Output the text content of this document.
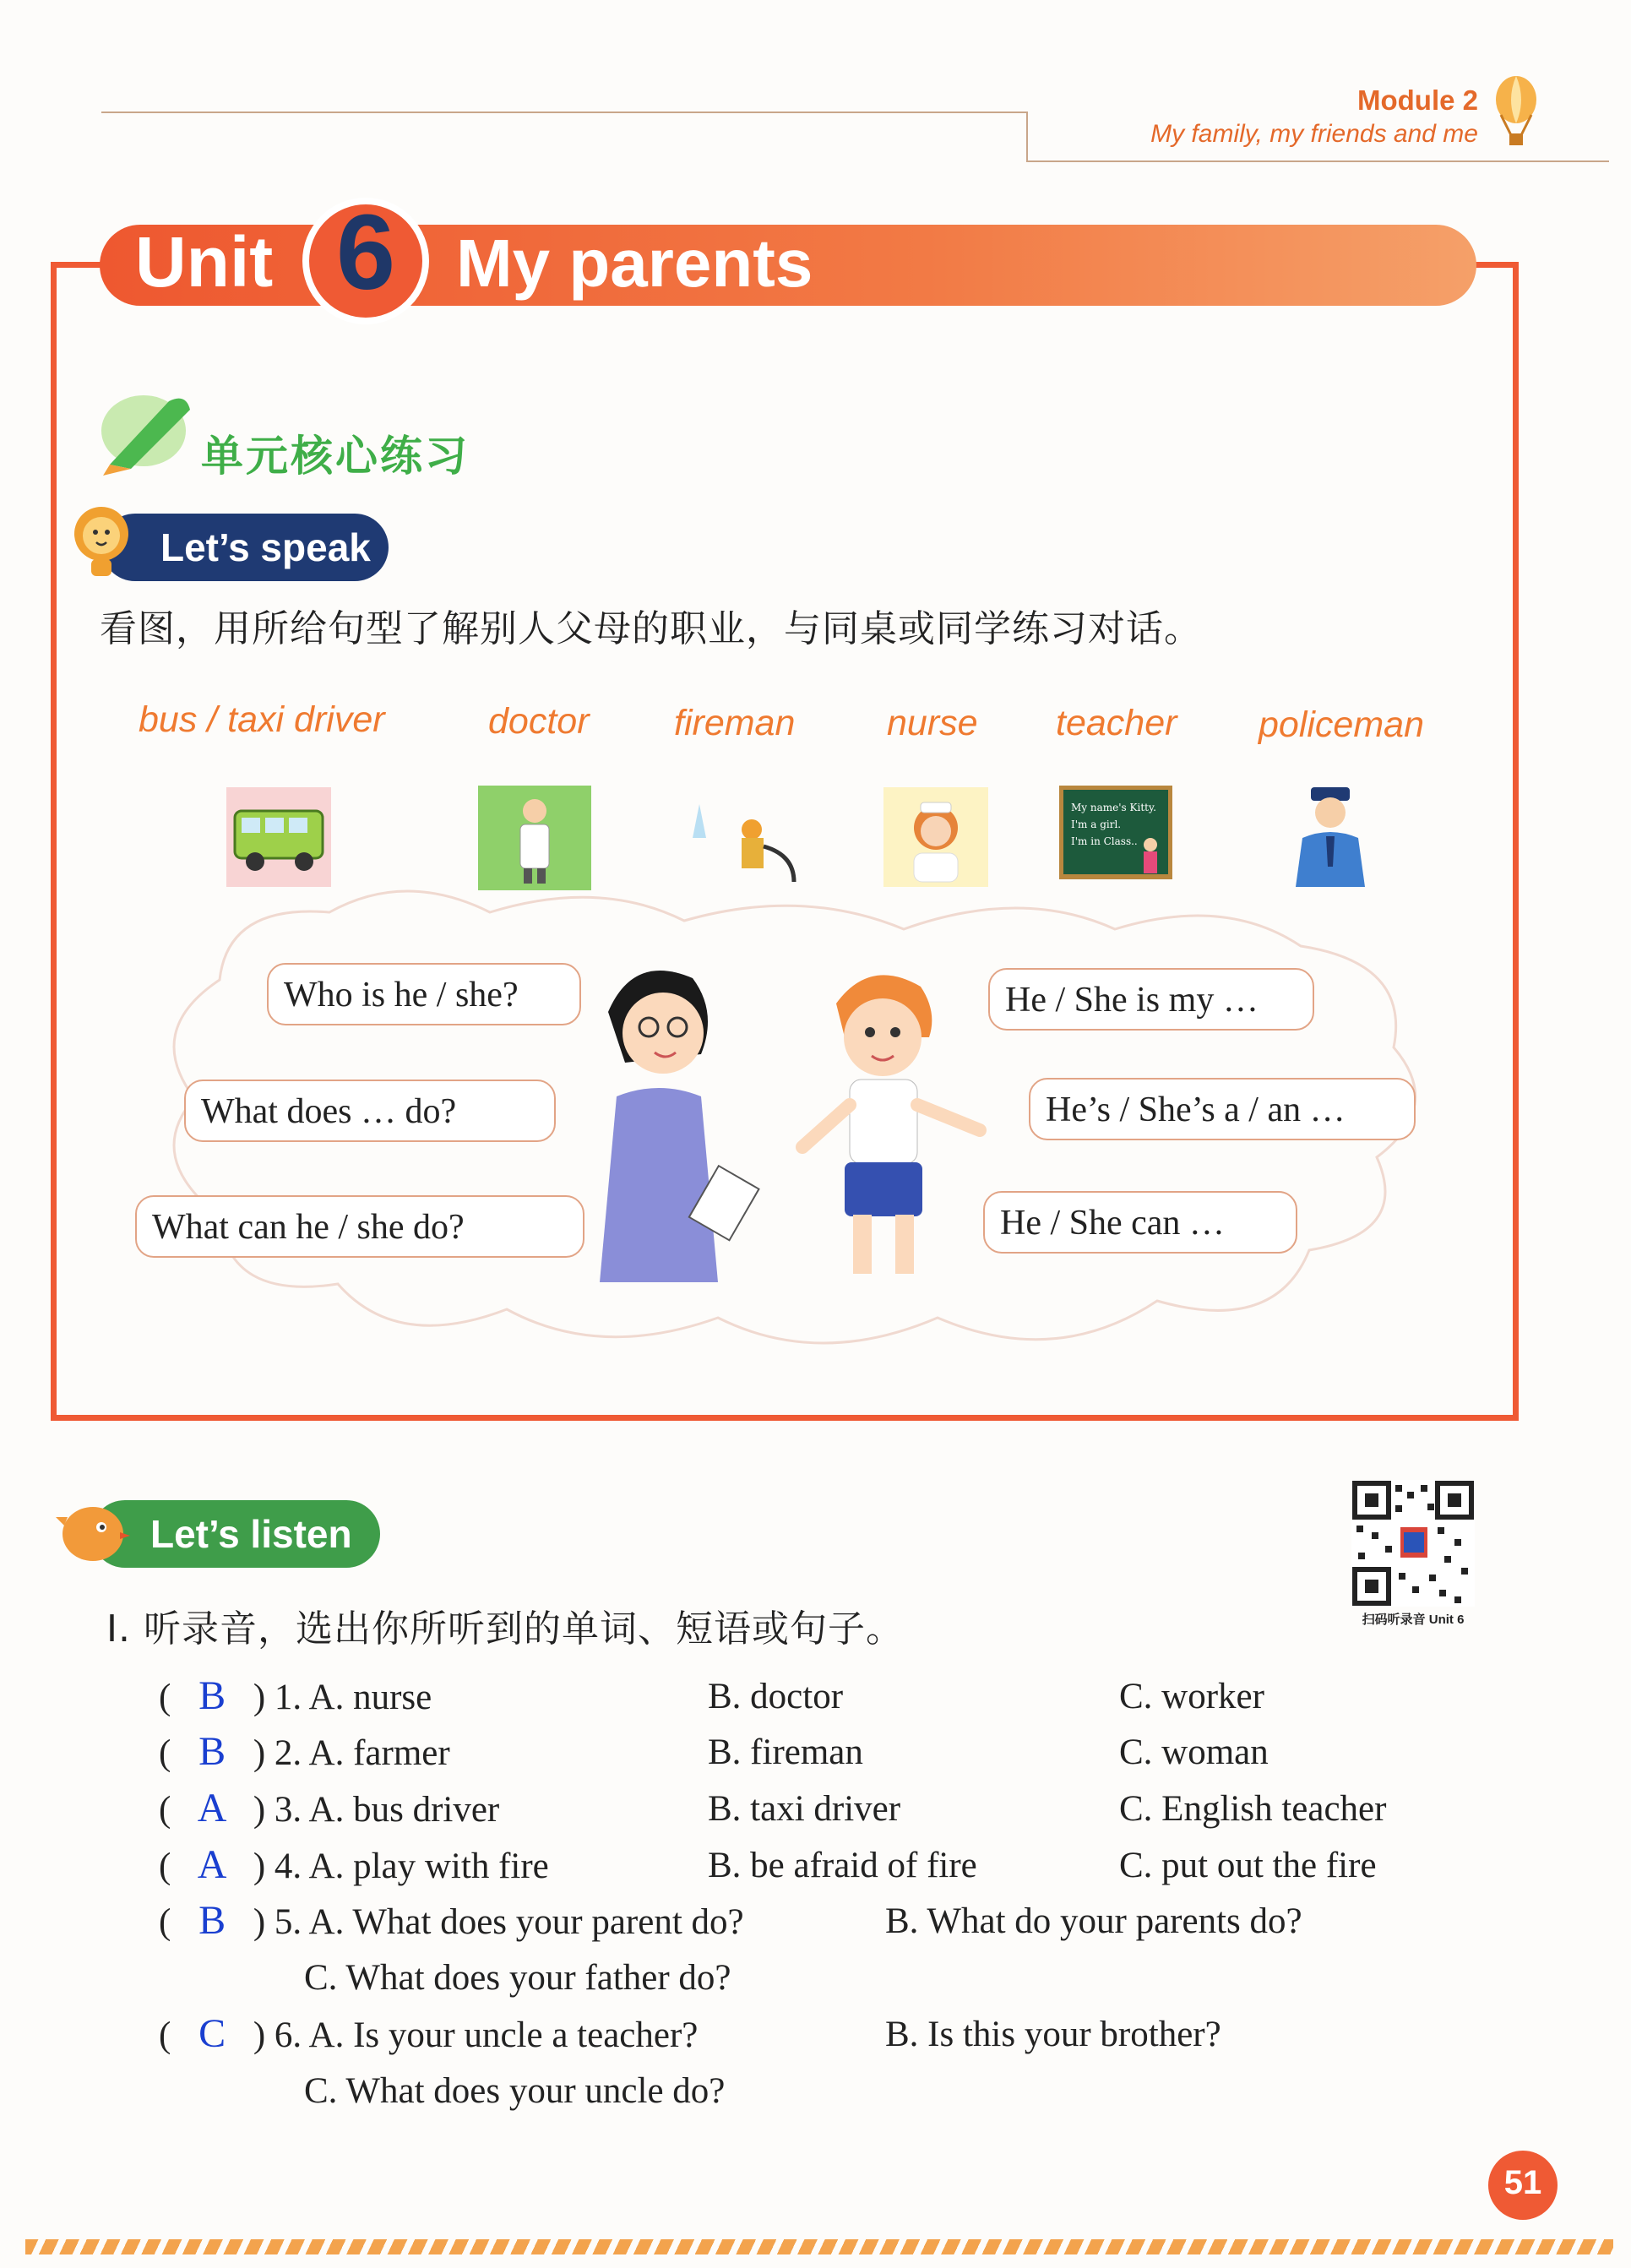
Module 2
My family, my friends and me
Unit 6 My parents
单元核心练习
Let’s speak
看图，用所给句型了解别人父母的职业，与同桌或同学练习对话。
bus / taxi driver	doctor fireman	nurse teacher policeman
My name's Kitty.
I'm a girl.
I'm in Class..
Who is he / she?
What does … do?
What can he / she do?
He / She is my …
He’s / She’s a / an …
He / She can …
Let’s listen
扫码听录音 Unit 6
Ⅰ. 听录音，选出你所听到的单词、短语或句子。
( B ) 1. A. nurse	B. doctor	C. worker
( B ) 2. A. farmer	B. fireman	C. woman
( A ) 3. A. bus driver	B. taxi driver	C. English teacher
( A ) 4. A. play with fire	B. be afraid of fire	C. put out the fire
( B ) 5. A. What does your parent do?	B. What do your parents do?
C. What does your father do?
( C ) 6. A. Is your uncle a teacher?	B. Is this your brother?
C. What does your uncle do?
51
